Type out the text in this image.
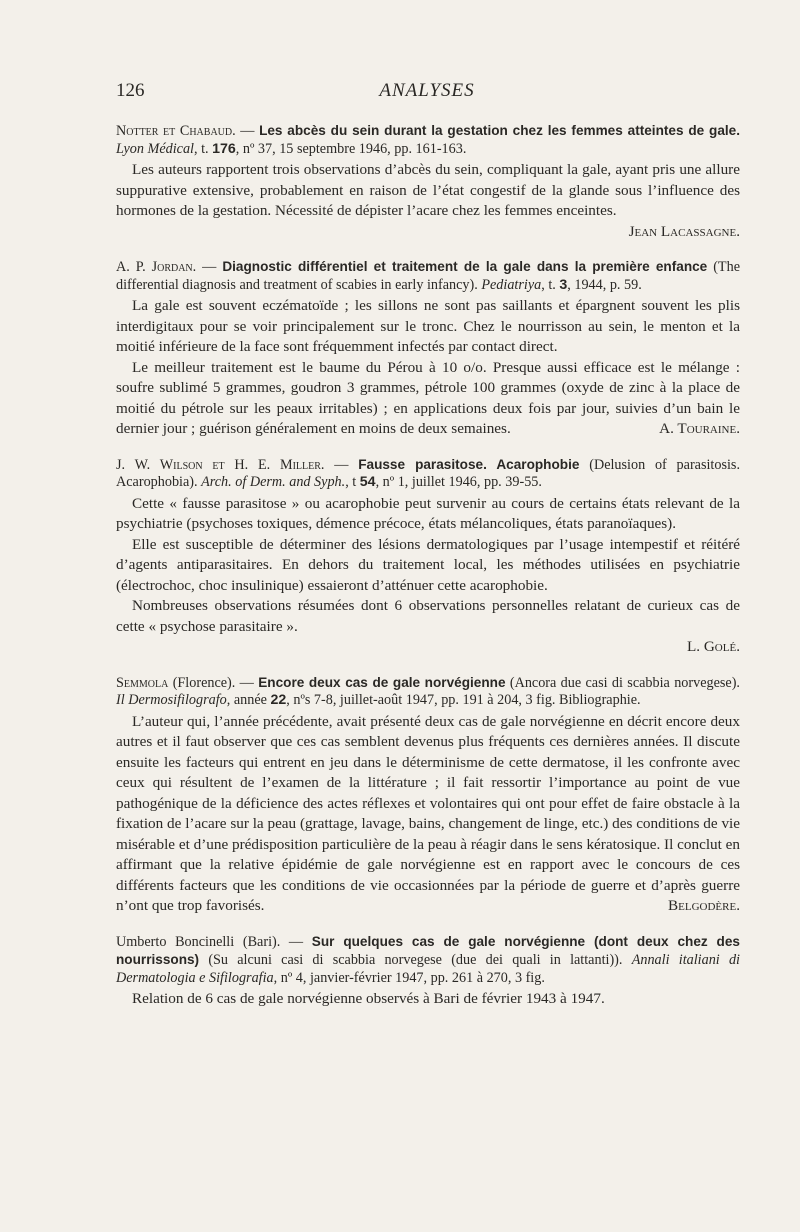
126	ANALYSES

Notter et Chabaud. — Les abcès du sein durant la gestation chez les femmes atteintes de gale. Lyon Médical, t. 176, nº 37, 15 septembre 1946, pp. 161-163.

Les auteurs rapportent trois observations d’abcès du sein, compliquant la gale, ayant pris une allure suppurative extensive, probablement en raison de l’état congestif de la glande sous l’influence des hormones de la gestation. Nécessité de dépister l’acare chez les femmes enceintes.

Jean Lacassagne.

A. P. Jordan. — Diagnostic différentiel et traitement de la gale dans la première enfance (The differential diagnosis and treatment of scabies in early infancy). Pediatriya, t. 3, 1944, p. 59.

La gale est souvent eczématoïde ; les sillons ne sont pas saillants et épargnent souvent les plis interdigitaux pour se voir principalement sur le tronc. Chez le nourrisson au sein, le menton et la moitié inférieure de la face sont fréquemment infectés par contact direct.

Le meilleur traitement est le baume du Pérou à 10 o/o. Presque aussi efficace est le mélange : soufre sublimé 5 grammes, goudron 3 grammes, pétrole 100 grammes (oxyde de zinc à la place de moitié du pétrole sur les peaux irritables) ; en applications deux fois par jour, suivies d’un bain le dernier jour ; guérison généralement en moins de deux semaines.	A. Touraine.

J. W. Wilson et H. E. Miller. — Fausse parasitose. Acarophobie (Delusion of parasitosis. Acarophobia). Arch. of Derm. and Syph., t 54, nº 1, juillet 1946, pp. 39-55.

Cette « fausse parasitose » ou acarophobie peut survenir au cours de certains états relevant de la psychiatrie (psychoses toxiques, démence précoce, états mélancoliques, états paranoïaques).

Elle est susceptible de déterminer des lésions dermatologiques par l’usage intempestif et réitéré d’agents antiparasitaires. En dehors du traitement local, les méthodes utilisées en psychiatrie (électrochoc, choc insulinique) essaieront d’atténuer cette acarophobie.

Nombreuses observations résumées dont 6 observations personnelles relatant de curieux cas de cette « psychose parasitaire ».

L. Golé.

Semmola (Florence). — Encore deux cas de gale norvégienne (Ancora due casi di scabbia norvegese). Il Dermosifilografo, année 22, nºs 7-8, juillet-août 1947, pp. 191 à 204, 3 fig. Bibliographie.

L’auteur qui, l’année précédente, avait présenté deux cas de gale norvégienne en décrit encore deux autres et il faut observer que ces cas semblent devenus plus fréquents ces dernières années. Il discute ensuite les facteurs qui entrent en jeu dans le déterminisme de cette dermatose, il les confronte avec ceux qui résultent de l’examen de la littérature ; il fait ressortir l’importance au point de vue pathogénique de la déficience des actes réflexes et volontaires qui ont pour effet de faire obstacle à la fixation de l’acare sur la peau (grattage, lavage, bains, changement de linge, etc.) des conditions de vie misérable et d’une prédisposition particulière de la peau à réagir dans le sens kératosique. Il conclut en affirmant que la relative épidémie de gale norvégienne est en rapport avec le concours de ces différents facteurs que les conditions de vie occasionnées par la période de guerre et d’après guerre n’ont que trop favorisés.	Belgodère.

Umberto Boncinelli (Bari). — Sur quelques cas de gale norvégienne (dont deux chez des nourrissons) (Su alcuni casi di scabbia norvegese (due dei quali in lattanti)). Annali italiani di Dermatologia e Sifilografia, nº 4, janvier-février 1947, pp. 261 à 270, 3 fig.

Relation de 6 cas de gale norvégienne observés à Bari de février 1943 à 1947.
